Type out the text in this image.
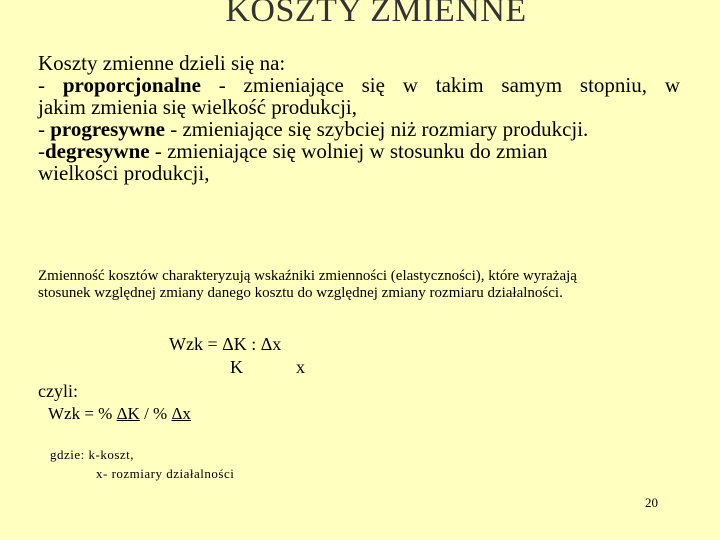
KOSZTY ZMIENNE

Koszty zmienne dzieli się na:

- proporcjonalne - zmieniające się w takim samym stopniu, w

jakim zmienia się wielkość produkcji,

- progresywne - zmieniające się szybciej niż rozmiary produkcji.

-degresywne - zmieniające się wolniej w stosunku do zmian

wielkości produkcji,

Zmienność kosztów charakteryzują wskaźniki zmienności (elastyczności), które wyrażają

stosunek względnej zmiany danego kosztu do względnej zmiany rozmiaru działalności.

Wzk = ΔK : Δx
K	x
czyli:
Wzk = % ΔK / % Δx
gdzie: k-koszt,
x- rozmiary działalności
20
